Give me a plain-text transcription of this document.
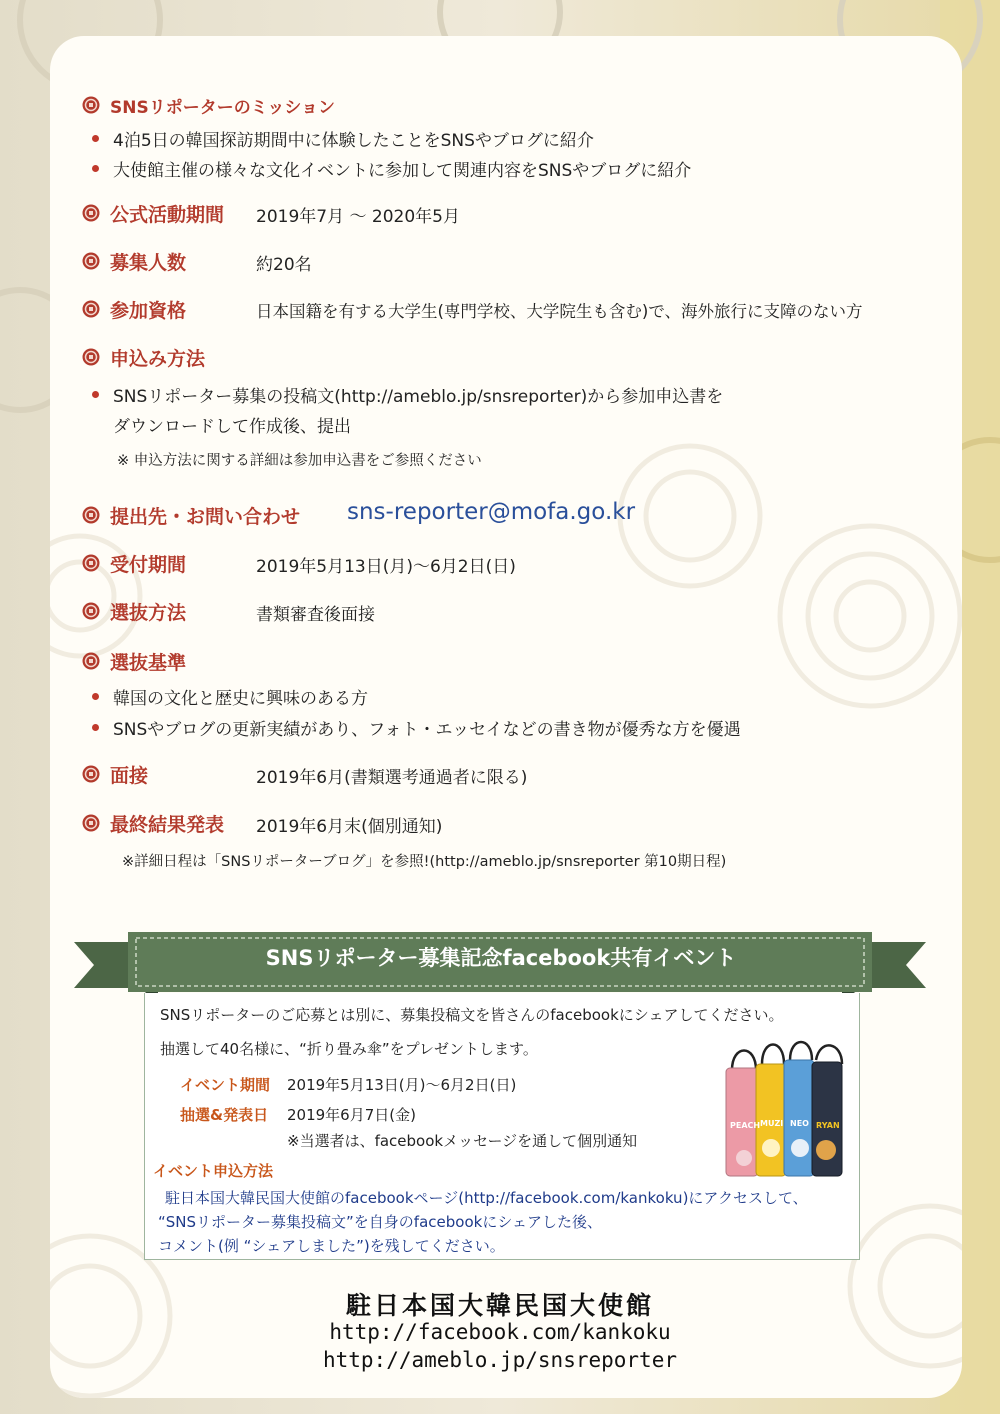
SNSリポーターのミッション
4泊5日の韓国探訪期間中に体験したことをSNSやブログに紹介
大使館主催の様々な文化イベントに参加して関連内容をSNSやブログに紹介
公式活動期間 2019年7月 〜 2020年5月
募集人数	約20名
参加資格	日本国籍を有する大学生(専門学校、大学院生も含む)で、海外旅行に支障のない方
申込み方法
SNSリポーター募集の投稿文(http://ameblo.jp/snsreporter)から参加申込書を
ダウンロードして作成後、提出
※ 申込方法に関する詳細は参加申込書をご参照ください
提出先・お問い合わせ sns-reporter@mofa.go.kr
受付期間	2019年5月13日(月)〜6月2日(日)
選抜方法	書類審査後面接
選抜基準
韓国の文化と歴史に興味のある方
SNSやブログの更新実績があり、フォト・エッセイなどの書き物が優秀な方を優遇
面接	2019年6月(書類選考通過者に限る)
最終結果発表 2019年6月末(個別通知)
※詳細日程は「SNSリポーターブログ」を参照!(http://ameblo.jp/snsreporter 第10期日程)
SNSリポーター募集記念facebook共有イベント
SNSリポーターのご応募とは別に、募集投稿文を皆さんのfacebookにシェアしてください。
抽選して40名様に、“折り畳み傘”をプレゼントします。
イベント期間 2019年5月13日(月)〜6月2日(日)
抽選&発表日 2019年6月7日(金)
※当選者は、facebookメッセージを通して個別通知
イベント申込方法
駐日本国大韓民国大使館のfacebookページ(http://facebook.com/kankoku)にアクセスして、
“SNSリポーター募集投稿文”を自身のfacebookにシェアした後、
コメント(例 “シェアしました”)を残してください。
PEACH MUZI NEO RYAN
駐日本国大韓民国大使館
http://facebook.com/kankoku
http://ameblo.jp/snsreporter
